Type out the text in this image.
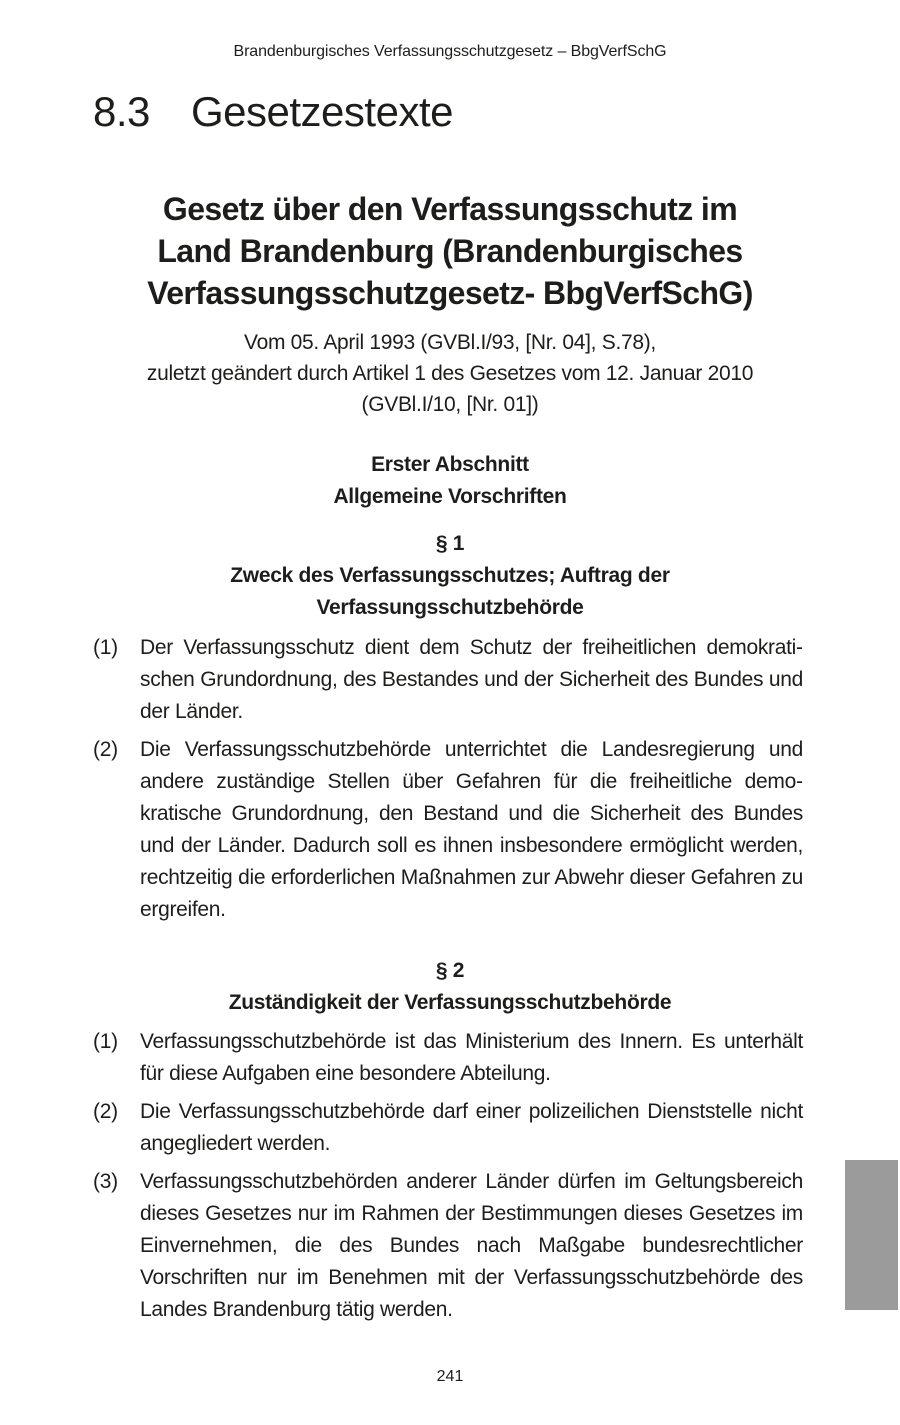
Brandenburgisches Verfassungsschutzgesetz – BbgVerfSchG
8.3 Gesetzestexte
Gesetz über den Verfassungsschutz im
Land Brandenburg (Brandenburgisches
Verfassungsschutzgesetz- BbgVerfSchG)
Vom 05. April 1993 (GVBl.I/93, [Nr. 04], S.78),
zuletzt geändert durch Artikel 1 des Gesetzes vom 12. Januar 2010
(GVBl.I/10, [Nr. 01])
Erster Abschnitt
Allgemeine Vorschriften
§ 1
Zweck des Verfassungsschutzes; Auftrag der
Verfassungsschutzbehörde
(1)	Der Verfassungsschutz dient dem Schutz der freiheitlichen demokratischen Grundordnung, des Bestandes und der Sicherheit des Bundes und der Länder.
(2)	Die Verfassungsschutzbehörde unterrichtet die Landesregierung und andere zuständige Stellen über Gefahren für die freiheitliche demokratische Grundordnung, den Bestand und die Sicherheit des Bundes und der Länder. Dadurch soll es ihnen insbesondere ermöglicht werden, rechtzeitig die erforderlichen Maßnahmen zur Abwehr dieser Gefahren zu ergreifen.
§ 2
Zuständigkeit der Verfassungsschutzbehörde
(1)	Verfassungsschutzbehörde ist das Ministerium des Innern. Es unterhält für diese Aufgaben eine besondere Abteilung.
(2)	Die Verfassungsschutzbehörde darf einer polizeilichen Dienststelle nicht angegliedert werden.
(3)	Verfassungsschutzbehörden anderer Länder dürfen im Geltungsbereich dieses Gesetzes nur im Rahmen der Bestimmungen dieses Gesetzes im Einvernehmen, die des Bundes nach Maßgabe bundesrechtlicher Vorschriften nur im Benehmen mit der Verfassungsschutzbehörde des Landes Brandenburg tätig werden.
241
